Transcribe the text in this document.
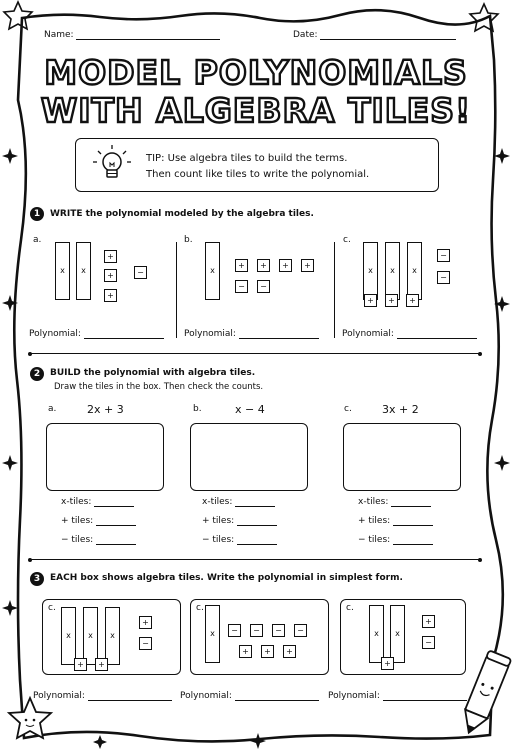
Name:	Date:
MODEL POLYNOMIALS
WITH ALGEBRA TILES!
TIP: Use algebra tiles to build the terms.
Then count like tiles to write the polynomial.
1	WRITE the polynomial modeled by the algebra tiles.
a.
x	x
+
+
+
−
b.
x
+	+	+	+
−	−
c.
x	x	x
−
−
+	+	+
Polynomial:	Polynomial:	Polynomial:
2	BUILD the polynomial with algebra tiles.
Draw the tiles in the box. Then check the counts.
a.	2x + 3	b.	x − 4	c.	3x + 2
x-tiles:
+ tiles:
− tiles:
x-tiles:
+ tiles:
− tiles:
x-tiles:
+ tiles:
− tiles:
3	EACH box shows algebra tiles. Write the polynomial in simplest form.
c.
x	x	x
+
−
+	+
c.
x	−	−	−	−
+	+	+
c.
x	x
+
−
+
Polynomial:	Polynomial:	Polynomial:
